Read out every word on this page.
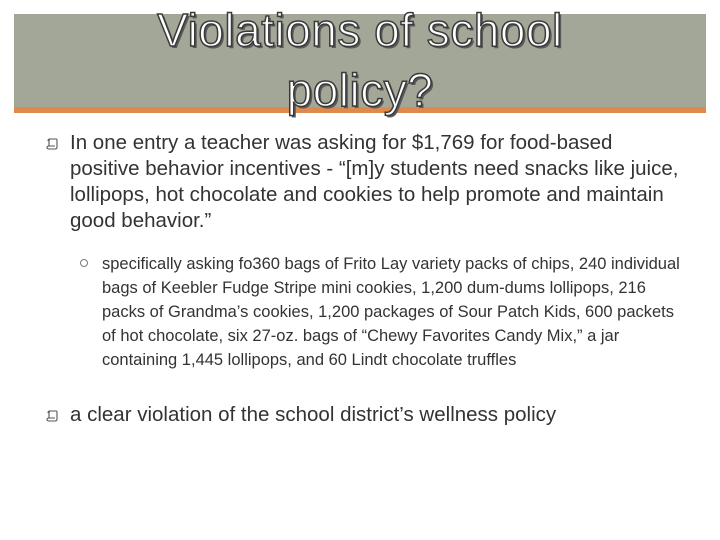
Violations of school
policy?
In one entry a teacher was asking for $1,769 for food-based positive behavior incentives - “[m]y students need snacks like juice, lollipops, hot chocolate and cookies to help promote and maintain good behavior.”
specifically asking fo360 bags of Frito Lay variety packs of chips, 240 individual bags of Keebler Fudge Stripe mini cookies, 1,200 dum-dums lollipops, 216 packs of Grandma’s cookies, 1,200 packages of Sour Patch Kids, 600 packets of hot chocolate, six 27-oz. bags of “Chewy Favorites Candy Mix,” a jar containing 1,445 lollipops, and 60 Lindt chocolate truffles
a clear violation of the school district’s wellness policy
